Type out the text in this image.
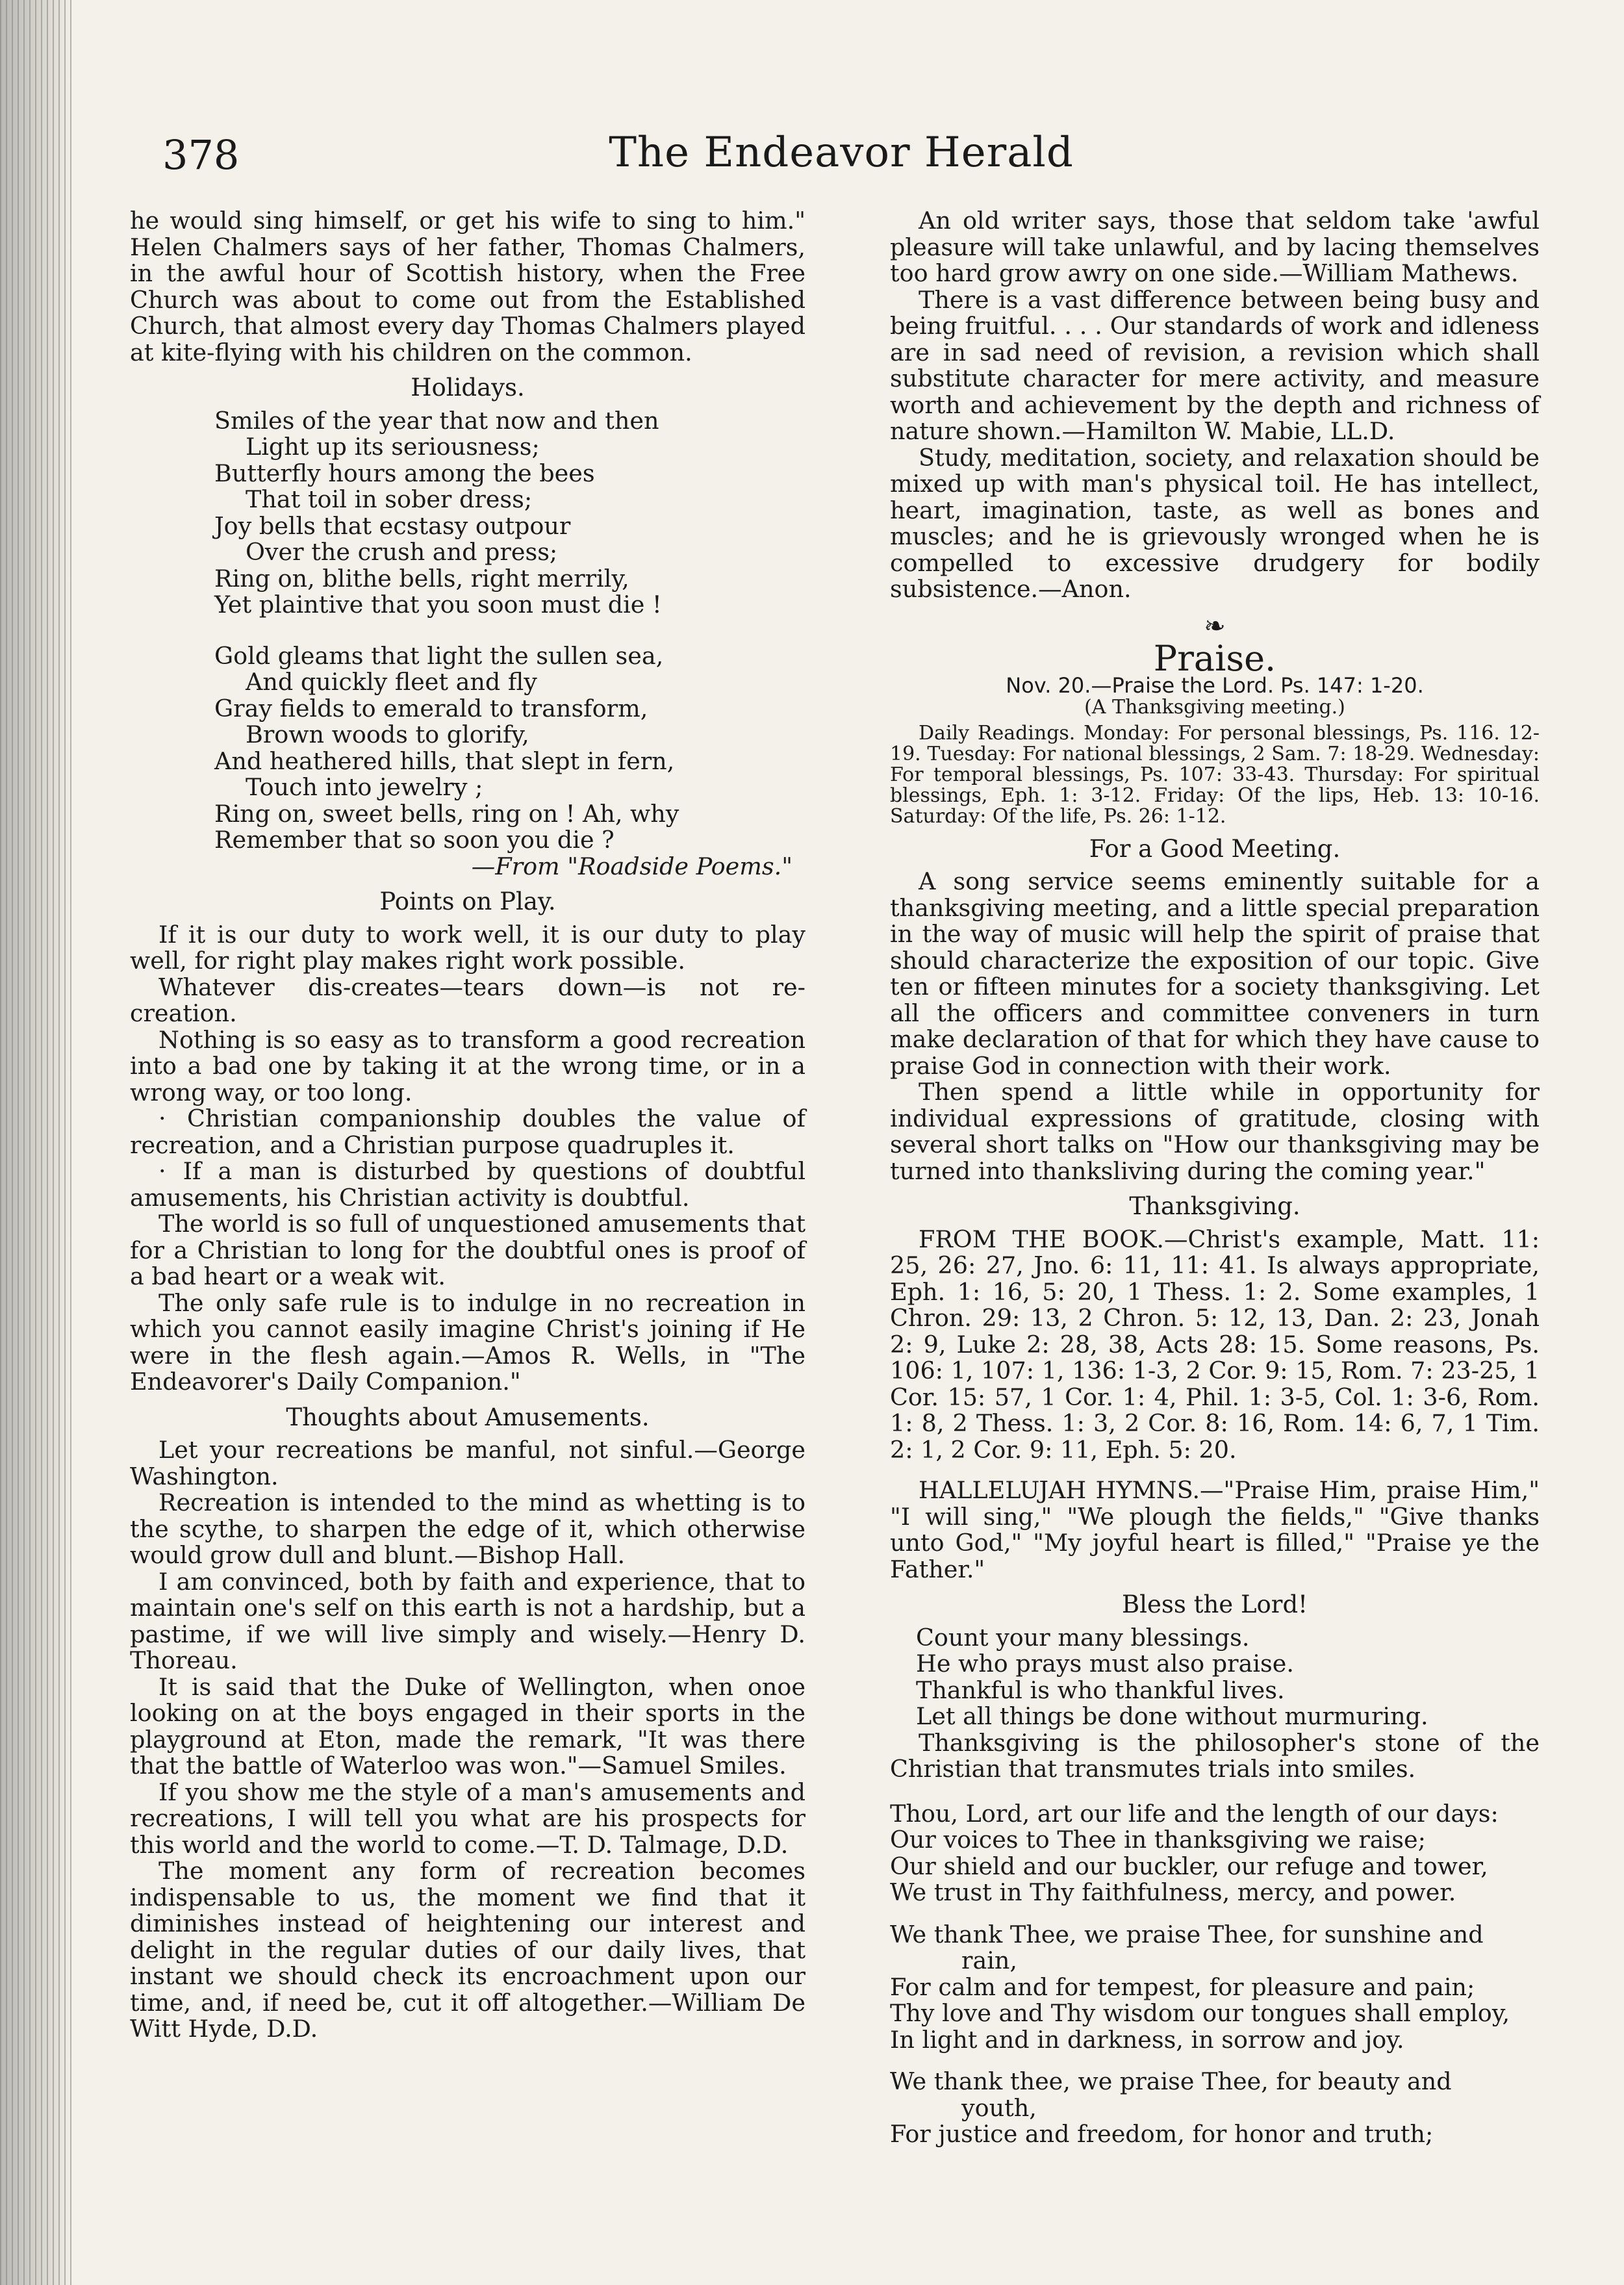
378	The Endeavor Herald

he would sing himself, or get his wife to sing to him." Helen Chalmers says of her father, Thomas Chalmers, in the awful hour of Scottish history, when the Free Church was about to come out from the Established Church, that almost every day Thomas Chalmers played at kite-flying with his children on the common.

Holidays.
Smiles of the year that now and then
Light up its seriousness;
Butterfly hours among the bees
That toil in sober dress;
Joy bells that ecstasy outpour
Over the crush and press;
Ring on, blithe bells, right merrily,
Yet plaintive that you soon must die !
Gold gleams that light the sullen sea,
And quickly fleet and fly
Gray fields to emerald to transform,
Brown woods to glorify,
And heathered hills, that slept in fern,
Touch into jewelry ;
Ring on, sweet bells, ring on ! Ah, why
Remember that so soon you die ?
—From "Roadside Poems."
Points on Play.

If it is our duty to work well, it is our duty to play well, for right play makes right work possible.

Whatever dis-creates—tears down—is not re-creation.

Nothing is so easy as to transform a good recreation into a bad one by taking it at the wrong time, or in a wrong way, or too long.

· Christian companionship doubles the value of recreation, and a Christian purpose quadruples it.

· If a man is disturbed by questions of doubtful amusements, his Christian activity is doubtful.

The world is so full of unquestioned amusements that for a Christian to long for the doubtful ones is proof of a bad heart or a weak wit.

The only safe rule is to indulge in no recreation in which you cannot easily imagine Christ's joining if He were in the flesh again.—Amos R. Wells, in "The Endeavorer's Daily Companion."

Thoughts about Amusements.

Let your recreations be manful, not sinful.—George Washington.

Recreation is intended to the mind as whetting is to the scythe, to sharpen the edge of it, which otherwise would grow dull and blunt.—Bishop Hall.

I am convinced, both by faith and experience, that to maintain one's self on this earth is not a hardship, but a pastime, if we will live simply and wisely.—Henry D. Thoreau.

It is said that the Duke of Wellington, when onoe looking on at the boys engaged in their sports in the playground at Eton, made the remark, "It was there that the battle of Waterloo was won."—Samuel Smiles.

If you show me the style of a man's amusements and recreations, I will tell you what are his prospects for this world and the world to come.—T. D. Talmage, D.D.

The moment any form of recreation becomes indispensable to us, the moment we find that it diminishes instead of heightening our interest and delight in the regular duties of our daily lives, that instant we should check its encroachment upon our time, and, if need be, cut it off altogether.—William De Witt Hyde, D.D.

An old writer says, those that seldom take 'awful pleasure will take unlawful, and by lacing themselves too hard grow awry on one side.—William Mathews.

There is a vast difference between being busy and being fruitful. . . . Our standards of work and idleness are in sad need of revision, a revision which shall substitute character for mere activity, and measure worth and achievement by the depth and richness of nature shown.—Hamilton W. Mabie, LL.D.

Study, meditation, society, and relaxation should be mixed up with man's physical toil. He has intellect, heart, imagination, taste, as well as bones and muscles; and he is grievously wronged when he is compelled to excessive drudgery for bodily subsistence.—Anon.

❧
Praise.
Nov. 20.—Praise the Lord. Ps. 147: 1-20.
(A Thanksgiving meeting.)

Daily Readings. Monday: For personal blessings, Ps. 116. 12-19. Tuesday: For national blessings, 2 Sam. 7: 18-29. Wednesday: For temporal blessings, Ps. 107: 33-43. Thursday: For spiritual blessings, Eph. 1: 3-12. Friday: Of the lips, Heb. 13: 10-16. Saturday: Of the life, Ps. 26: 1-12.

For a Good Meeting.

A song service seems eminently suitable for a thanksgiving meeting, and a little special preparation in the way of music will help the spirit of praise that should characterize the exposition of our topic. Give ten or fifteen minutes for a society thanksgiving. Let all the officers and committee conveners in turn make declaration of that for which they have cause to praise God in connection with their work.

Then spend a little while in opportunity for individual expressions of gratitude, closing with several short talks on "How our thanksgiving may be turned into thanksliving during the coming year."

Thanksgiving.

FROM THE BOOK.—Christ's example, Matt. 11: 25, 26: 27, Jno. 6: 11, 11: 41. Is always appropriate, Eph. 1: 16, 5: 20, 1 Thess. 1: 2. Some examples, 1 Chron. 29: 13, 2 Chron. 5: 12, 13, Dan. 2: 23, Jonah 2: 9, Luke 2: 28, 38, Acts 28: 15. Some reasons, Ps. 106: 1, 107: 1, 136: 1-3, 2 Cor. 9: 15, Rom. 7: 23-25, 1 Cor. 15: 57, 1 Cor. 1: 4, Phil. 1: 3-5, Col. 1: 3-6, Rom. 1: 8, 2 Thess. 1: 3, 2 Cor. 8: 16, Rom. 14: 6, 7, 1 Tim. 2: 1, 2 Cor. 9: 11, Eph. 5: 20.

HALLELUJAH HYMNS.—"Praise Him, praise Him," "I will sing," "We plough the fields," "Give thanks unto God," "My joyful heart is filled," "Praise ye the Father."

Bless the Lord!
Count your many blessings.
He who prays must also praise.
Thankful is who thankful lives.
Let all things be done without murmuring.

Thanksgiving is the philosopher's stone of the Christian that transmutes trials into smiles.

Thou, Lord, art our life and the length of our days:
Our voices to Thee in thanksgiving we raise;
Our shield and our buckler, our refuge and tower,
We trust in Thy faithfulness, mercy, and power.
We thank Thee, we praise Thee, for sunshine and
rain,
For calm and for tempest, for pleasure and pain;
Thy love and Thy wisdom our tongues shall employ,
In light and in darkness, in sorrow and joy.
We thank thee, we praise Thee, for beauty and
youth,
For justice and freedom, for honor and truth;
